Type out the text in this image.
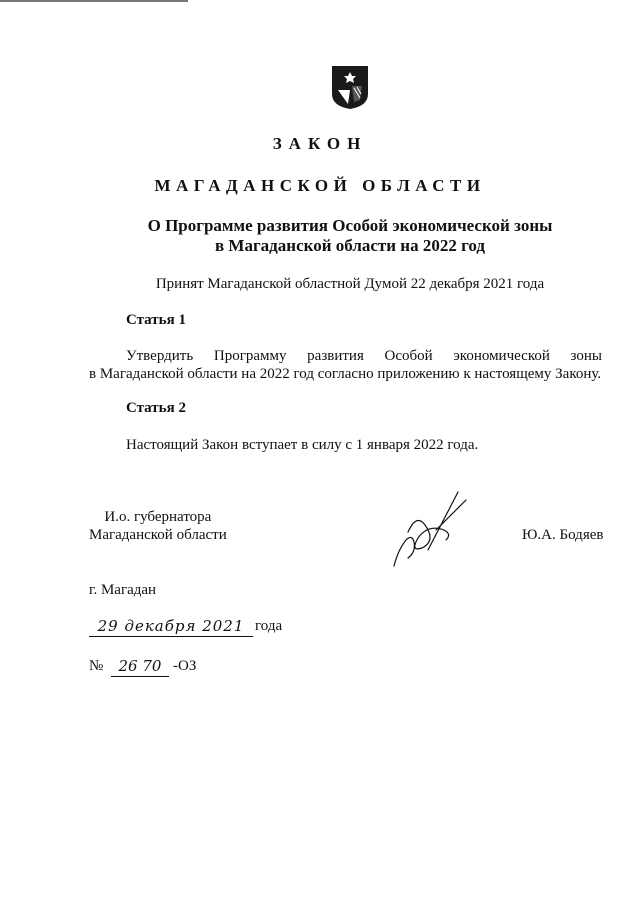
ЗАКОН
МАГАДАНСКОЙ ОБЛАСТИ
О Программе развития Особой экономической зоны
в Магаданской области на 2022 год
Принят Магаданской областной Думой 22 декабря 2021 года
Статья 1
Утвердить Программу развития Особой экономической зоны
в Магаданской области на 2022 год согласно приложению к настоящему Закону.
Статья 2
Настоящий Закон вступает в силу с 1 января 2022 года.
И.о. губернатора
Магаданской области	Ю.А. Бодяев
г. Магадан
29 декабря 2021 года
№	26 70 -ОЗ
